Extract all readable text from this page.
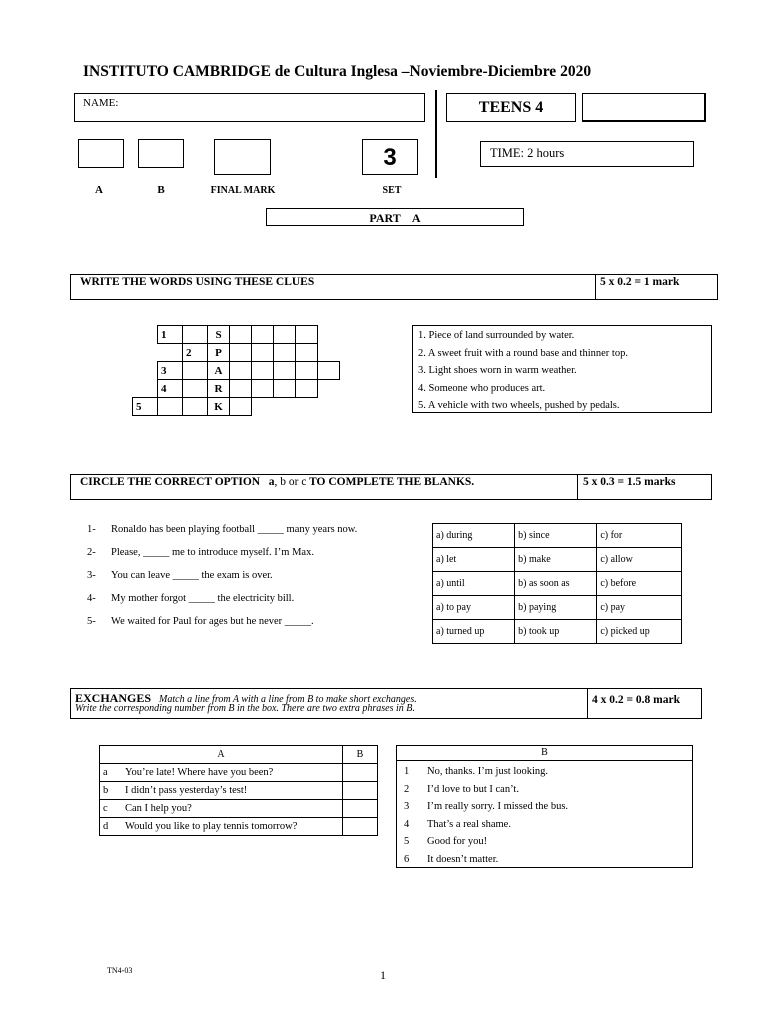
INSTITUTO CAMBRIDGE de Cultura Inglesa –Noviembre-Diciembre 2020
NAME:	TEENS 4
3	TIME: 2 hours
A	B	FINAL MARK	SET
PART    A
WRITE THE WORDS USING THESE CLUES	5 x 0.2 = 1 mark
	1		S					
		2	P					
	3		A					
	4		R					
5			K					
1. Piece of land surrounded by water.
2. A sweet fruit with a round base and thinner top.
3. Light shoes worn in warm weather.
4. Someone who produces art.
5. A vehicle with two wheels, pushed by pedals.
CIRCLE THE CORRECT OPTION a, b or c TO COMPLETE THE BLANKS.	5 x 0.3 = 1.5 marks
1- Ronaldo has been playing football _____ many years now.
2- Please, _____ me to introduce myself. I’m Max.
3- You can leave _____ the exam is over.
4- My mother forgot _____ the electricity bill.
5- We waited for Paul for ages but he never _____.
a) during	b) since	c) for
a) let	b) make	c) allow
a) until	b) as soon as	c) before
a) to pay	b) paying	c) pay
a) turned up	b) took up	c) picked up
EXCHANGES Match a line from A with a line from B to make short exchanges.
Write the corresponding number from B in the box. There are two extra phrases in B.
4 x 0.2 = 0.8 mark
A		B
a	You’re late! Where have you been?	
b	I didn’t pass yesterday’s test!	
c	Can I help you?	
d	Would you like to play tennis tomorrow?	
B
1 No, thanks. I’m just looking.
2 I’d love to but I can’t.
3 I’m really sorry. I missed the bus.
4 That’s a real shame.
5 Good for you!
6 It doesn’t matter.
TN4-03	1
